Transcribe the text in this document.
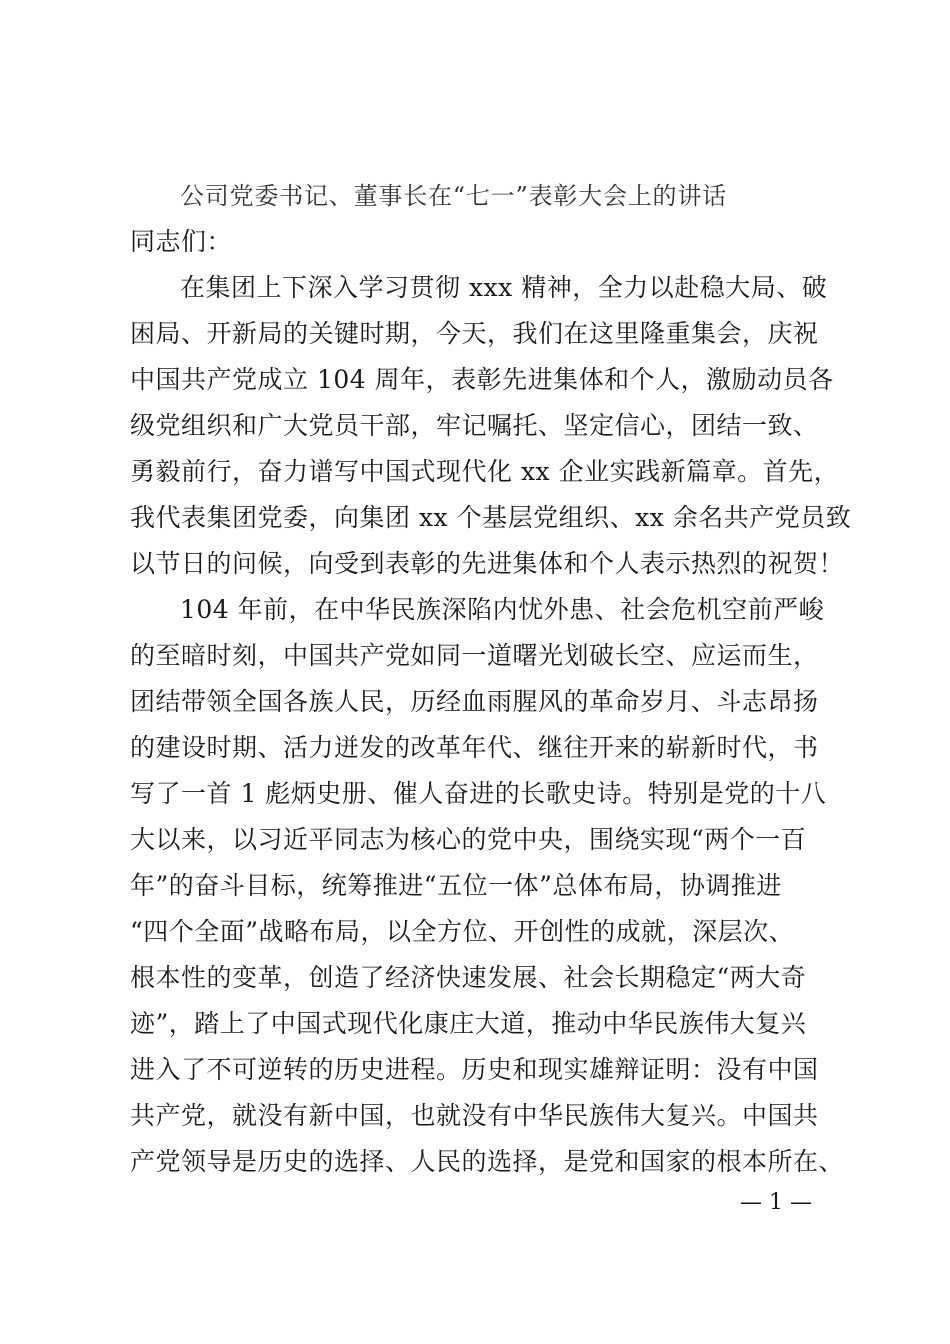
公司党委书记、董事长在“七一”表彰大会上的讲话
同志们：
在集团上下深入学习贯彻 xxx 精神，全力以赴稳大局、破
困局、开新局的关键时期，今天，我们在这里隆重集会，庆祝
中国共产党成立 104 周年，表彰先进集体和个人，激励动员各
级党组织和广大党员干部，牢记嘱托、坚定信心，团结一致、
勇毅前行，奋力谱写中国式现代化 xx 企业实践新篇章。首先，
我代表集团党委，向集团 xx 个基层党组织、xx 余名共产党员致
以节日的问候，向受到表彰的先进集体和个人表示热烈的祝贺！
104 年前，在中华民族深陷内忧外患、社会危机空前严峻
的至暗时刻，中国共产党如同一道曙光划破长空、应运而生，
团结带领全国各族人民，历经血雨腥风的革命岁月、斗志昂扬
的建设时期、活力迸发的改革年代、继往开来的崭新时代，书
写了一首 1 彪炳史册、催人奋进的长歌史诗。特别是党的十八
大以来，以习近平同志为核心的党中央，围绕实现“两个一百
年”的奋斗目标，统筹推进“五位一体”总体布局，协调推进
“四个全面”战略布局，以全方位、开创性的成就，深层次、
根本性的变革，创造了经济快速发展、社会长期稳定“两大奇
迹”，踏上了中国式现代化康庄大道，推动中华民族伟大复兴
进入了不可逆转的历史进程。历史和现实雄辩证明：没有中国
共产党，就没有新中国，也就没有中华民族伟大复兴。中国共
产党领导是历史的选择、人民的选择，是党和国家的根本所在、
— 1 —
